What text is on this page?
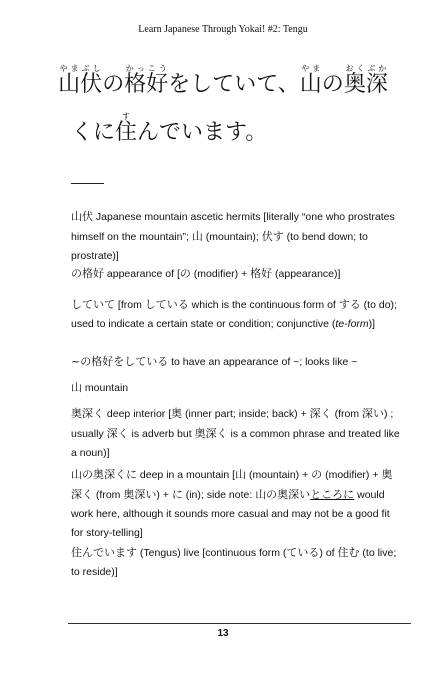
Learn Japanese Through Yokai! #2: Tengu
山伏やまぶしの格好かっこうをしていて、山やまの奥深おくぶか
くに住すんでいます。
山伏 Japanese mountain ascetic hermits [literally “one who prostrates himself on the mountain”; 山 (mountain); 伏す (to bend down; to prostrate)]
の格好 appearance of [の (modifier) + 格好 (appearance)]
していて [from している which is the continuous form of する (to do); used to indicate a certain state or condition; conjunctive (te-form)]
~の格好をしている to have an appearance of ~; looks like ~
山 mountain
奥深く deep interior [奥 (inner part; inside; back) + 深く (from 深い) ; usually 深く is adverb but 奥深く is a common phrase and treated like a noun)]
山の奥深くに deep in a mountain [山 (mountain) + の (modifier) + 奥深く (from 奥深い) + に (in); side note: 山の奥深いところに would work here, although it sounds more casual and may not be a good fit for story-telling]
住んでいます (Tengus) live [continuous form (ている) of 住む (to live; to reside)]
13
